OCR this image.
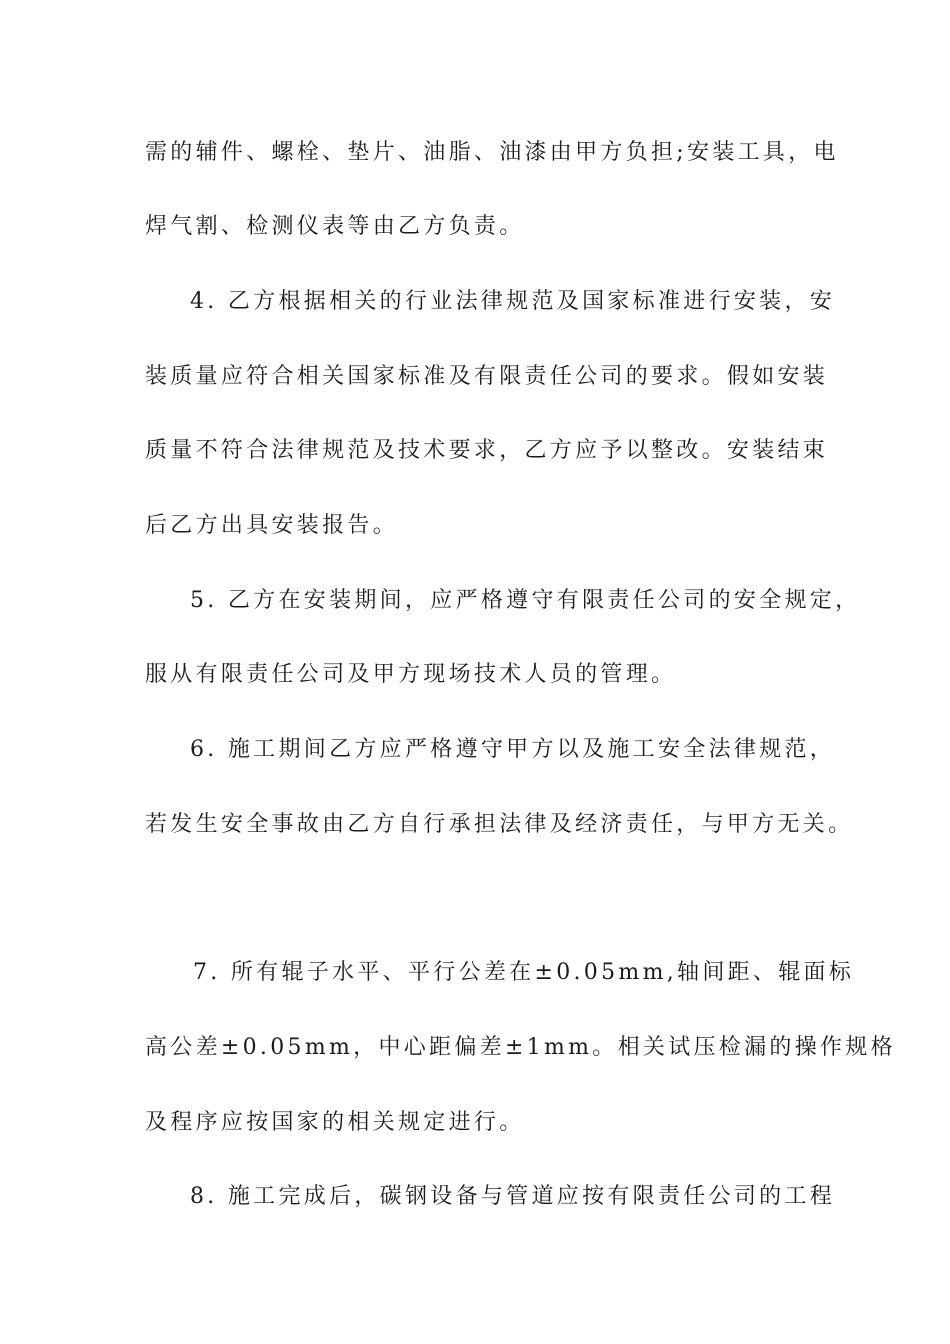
需的辅件、螺栓、垫片、油脂、油漆由甲方负担;安装工具，电
焊气割、检测仪表等由乙方负责。
4. 乙方根据相关的行业法律规范及国家标准进行安装，安
装质量应符合相关国家标准及有限责任公司的要求。假如安装
质量不符合法律规范及技术要求，乙方应予以整改。安装结束
后乙方出具安装报告。
5. 乙方在安装期间，应严格遵守有限责任公司的安全规定，
服从有限责任公司及甲方现场技术人员的管理。
6. 施工期间乙方应严格遵守甲方以及施工安全法律规范，
若发生安全事故由乙方自行承担法律及经济责任，与甲方无关。
7. 所有辊子水平、平行公差在±0.05mm,轴间距、辊面标
高公差±0.05mm，中心距偏差±1mm。相关试压检漏的操作规格
及程序应按国家的相关规定进行。
8. 施工完成后，碳钢设备与管道应按有限责任公司的工程
